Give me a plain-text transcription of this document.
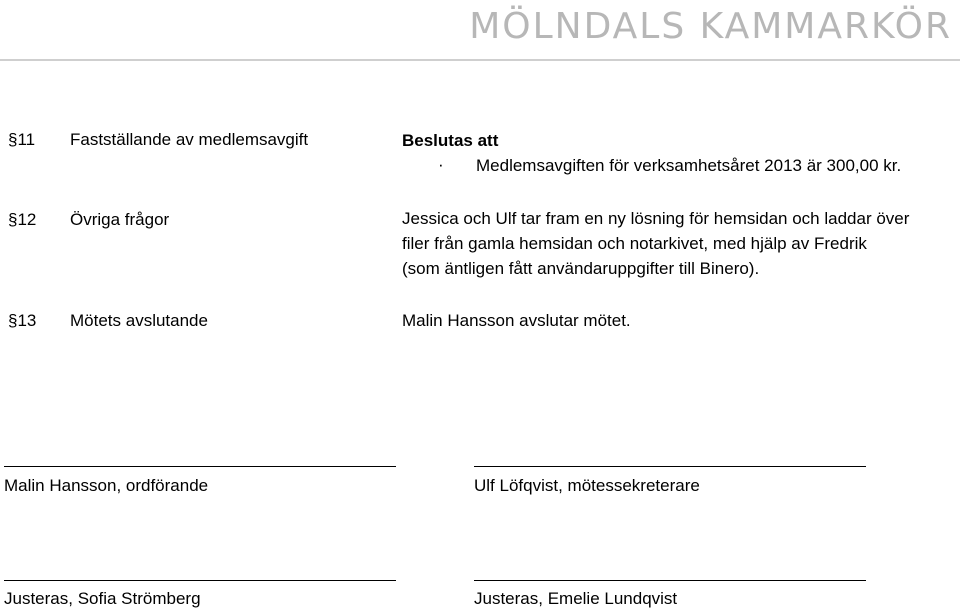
MÖLNDALS KAMMARKÖR
§11 Fastställande av medlemsavgift	Beslutas att
· Medlemsavgiften för verksamhetsåret 2013 är 300,00 kr.
§12 Övriga frågor	Jessica och Ulf tar fram en ny lösning för hemsidan och laddar över
filer från gamla hemsidan och notarkivet, med hjälp av Fredrik
(som äntligen fått användaruppgifter till Binero).
§13 Mötets avslutande	Malin Hansson avslutar mötet.
Malin Hansson, ordförande	Ulf Löfqvist, mötessekreterare
Justeras, Sofia Strömberg	Justeras, Emelie Lundqvist
